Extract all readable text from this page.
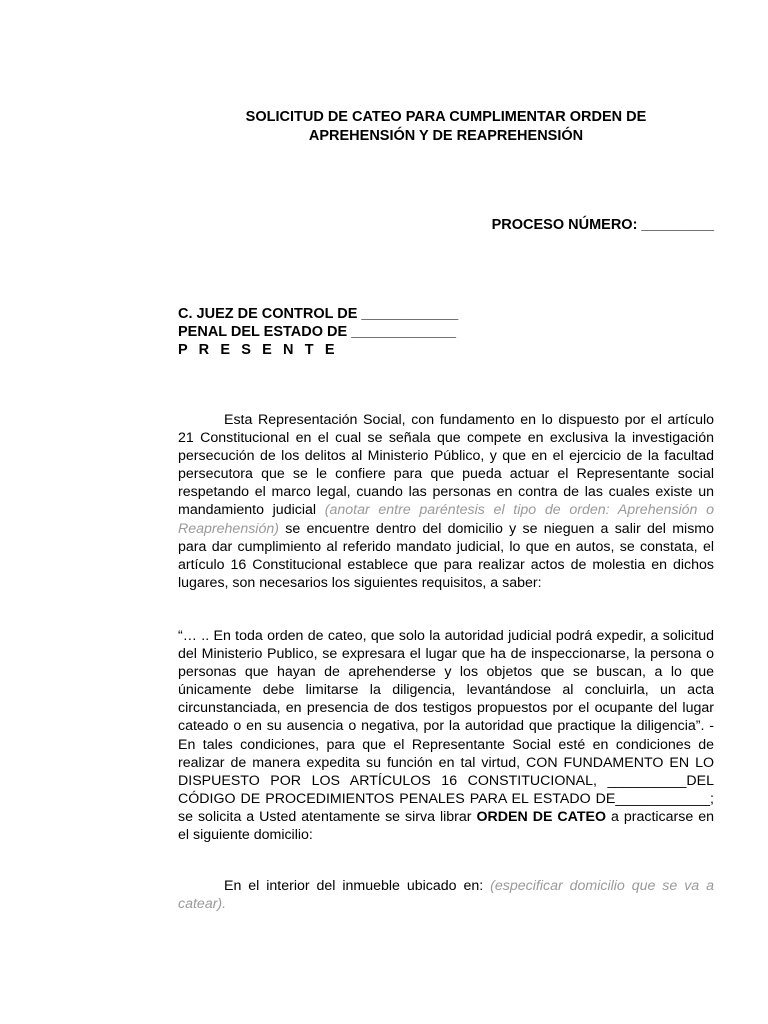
SOLICITUD DE CATEO PARA CUMPLIMENTAR ORDEN DE
APREHENSIÓN Y DE REAPREHENSIÓN

PROCESO NÚMERO: _________

C. JUEZ DE CONTROL DE ____________
PENAL DEL ESTADO DE _____________
P R E S E N T E

Esta Representación Social, con fundamento en lo dispuesto por el artículo 21 Constitucional en el cual se señala que compete en exclusiva la investigación persecución de los delitos al Ministerio Público, y que en el ejercicio de la facultad persecutora que se le confiere para que pueda actuar el Representante social respetando el marco legal, cuando las personas en contra de las cuales existe un mandamiento judicial (anotar entre paréntesis el tipo de orden: Aprehensión o Reaprehensión) se encuentre dentro del domicilio y se nieguen a salir del mismo para dar cumplimiento al referido mandato judicial, lo que en autos, se constata, el artículo 16 Constitucional establece que para realizar actos de molestia en dichos lugares, son necesarios los siguientes requisitos, a saber:

“… .. En toda orden de cateo, que solo la autoridad judicial podrá expedir, a solicitud del Ministerio Publico, se expresara el lugar que ha de inspeccionarse, la persona o personas que hayan de aprehenderse y los objetos que se buscan, a lo que únicamente debe limitarse la diligencia, levantándose al concluirla, un acta circunstanciada, en presencia de dos testigos propuestos por el ocupante del lugar cateado o en su ausencia o negativa, por la autoridad que practique la diligencia”. -En tales condiciones, para que el Representante Social esté en condiciones de realizar de manera expedita su función en tal virtud, CON FUNDAMENTO EN LO DISPUESTO POR LOS ARTÍCULOS 16 CONSTITUCIONAL, __________DEL CÓDIGO DE PROCEDIMIENTOS PENALES PARA EL ESTADO DE____________; se solicita a Usted atentamente se sirva librar ORDEN DE CATEO a practicarse en el siguiente domicilio:

En el interior del inmueble ubicado en: (especificar domicilio que se va a catear).
